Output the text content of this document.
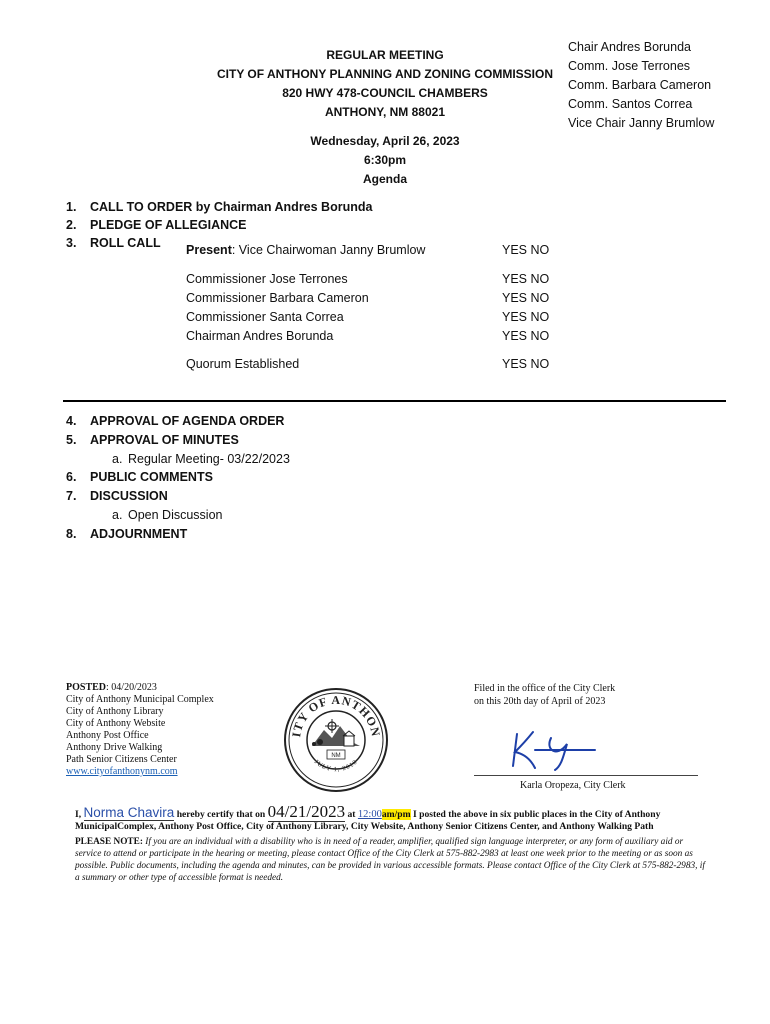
REGULAR MEETING
CITY OF ANTHONY PLANNING AND ZONING COMMISSION
820 HWY 478-COUNCIL CHAMBERS
ANTHONY, NM 88021
Chair Andres Borunda
Comm. Jose Terrones
Comm. Barbara Cameron
Comm. Santos Correa
Vice Chair Janny Brumlow
Wednesday, April 26, 2023
6:30pm
Agenda
1. CALL TO ORDER by Chairman Andres Borunda
2. PLEDGE OF ALLEGIANCE
3. ROLL CALL Present: Vice Chairwoman Janny Brumlow	YES NO
Commissioner Jose Terrones	YES NO
Commissioner Barbara Cameron	YES NO
Commissioner Santa Correa	YES NO
Chairman Andres Borunda	YES NO
Quorum Established	YES NO
4. APPROVAL OF AGENDA ORDER
5. APPROVAL OF MINUTES
a. Regular Meeting- 03/22/2023
6. PUBLIC COMMENTS
7. DISCUSSION
a. Open Discussion
8. ADJOURNMENT
POSTED: 04/20/2023
City of Anthony Municipal Complex
City of Anthony Library
City of Anthony Website
Anthony Post Office
Anthony Drive Walking
Path Senior Citizens Center
www.cityofanthonynm.com
ITY OF ANTHON
JULY 1, 2010
NM
Filed in the office of the City Clerk
on this 20th day of April of 2023
Karla Oropeza, City Clerk
I, Norma Chavira hereby certify that on 04/21/2023 at 12:00am/pm I posted the above in six public places in the City of Anthony MunicipalComplex, Anthony Post Office, City of Anthony Library, City Website, Anthony Senior Citizens Center, and Anthony Walking Path
PLEASE NOTE: If you are an individual with a disability who is in need of a reader, amplifier, qualified sign language interpreter, or any form of auxiliary aid or service to attend or participate in the hearing or meeting, please contact Office of the City Clerk at 575-882-2983 at least one week prior to the meeting or as soon as possible. Public documents, including the agenda and minutes, can be provided in various accessible formats. Please contact Office of the City Clerk at 575-882-2983, if a summary or other type of accessible format is needed.
